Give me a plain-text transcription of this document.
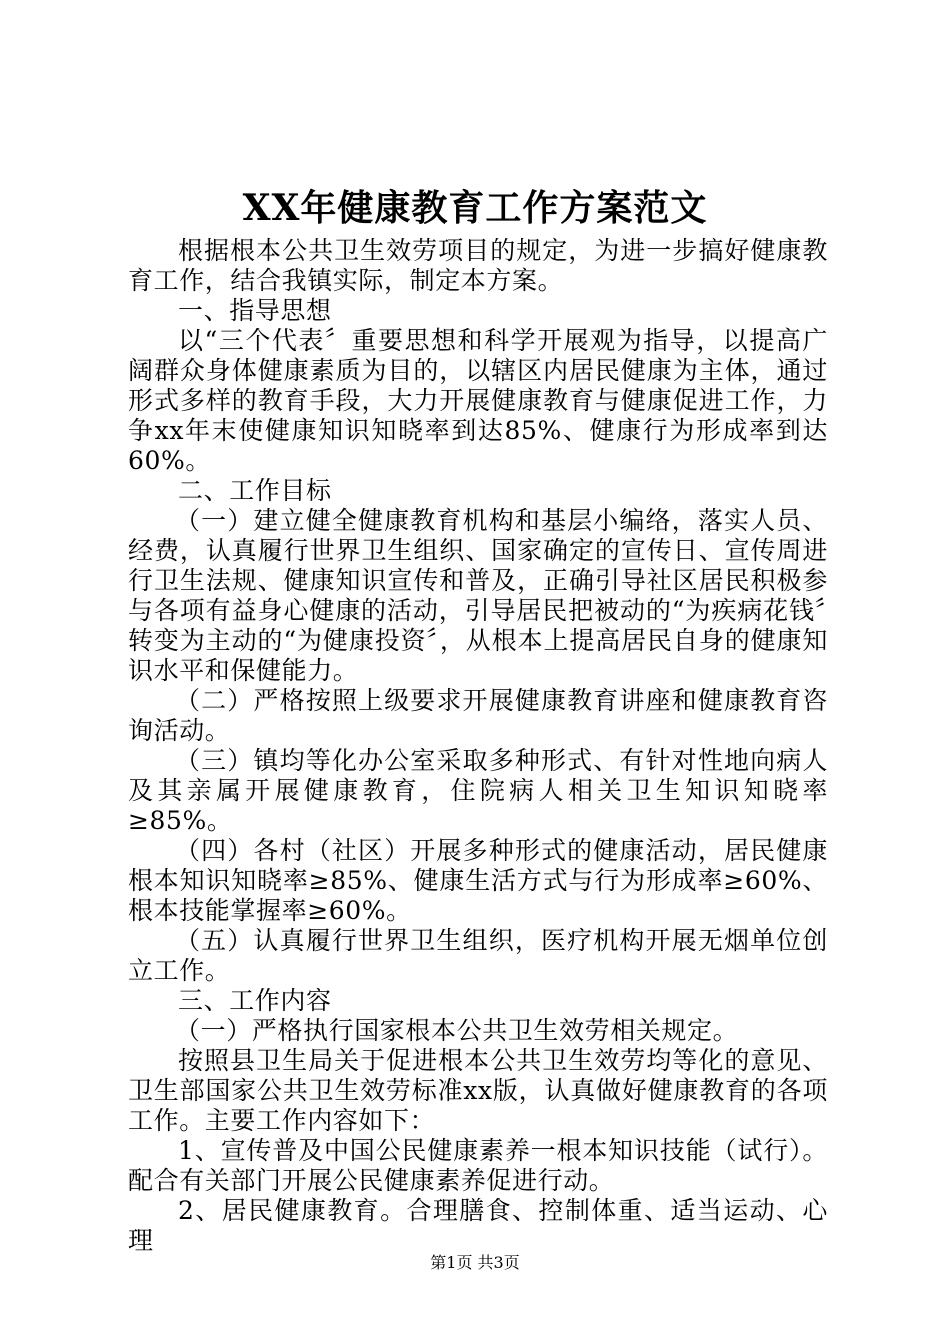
XX年健康教育工作方案范文

根据根本公共卫生效劳项目的规定，为进一步搞好健康教育工作，结合我镇实际，制定本方案。

一、指导思想

以“三个代表〞重要思想和科学开展观为指导，以提高广阔群众身体健康素质为目的，以辖区内居民健康为主体，通过形式多样的教育手段，大力开展健康教育与健康促进工作，力争xx年末使健康知识知晓率到达85%、健康行为形成率到达60%。

二、工作目标

（一）建立健全健康教育机构和基层小编络，落实人员、经费，认真履行世界卫生组织、国家确定的宣传日、宣传周进行卫生法规、健康知识宣传和普及，正确引导社区居民积极参与各项有益身心健康的活动，引导居民把被动的“为疾病花钱〞转变为主动的“为健康投资〞，从根本上提高居民自身的健康知识水平和保健能力。

（二）严格按照上级要求开展健康教育讲座和健康教育咨询活动。

（三）镇均等化办公室采取多种形式、有针对性地向病人及其亲属开展健康教育，住院病人相关卫生知识知晓率≥85%。

（四）各村（社区）开展多种形式的健康活动，居民健康根本知识知晓率≥85%、健康生活方式与行为形成率≥60%、根本技能掌握率≥60%。

（五）认真履行世界卫生组织，医疗机构开展无烟单位创立工作。

三、工作内容

（一）严格执行国家根本公共卫生效劳相关规定。

按照县卫生局关于促进根本公共卫生效劳均等化的意见、卫生部国家公共卫生效劳标准xx版，认真做好健康教育的各项工作。主要工作内容如下：

1、宣传普及中国公民健康素养一根本知识技能（试行）。配合有关部门开展公民健康素养促进行动。

2、居民健康教育。合理膳食、控制体重、适当运动、心理

第1页 共3页
